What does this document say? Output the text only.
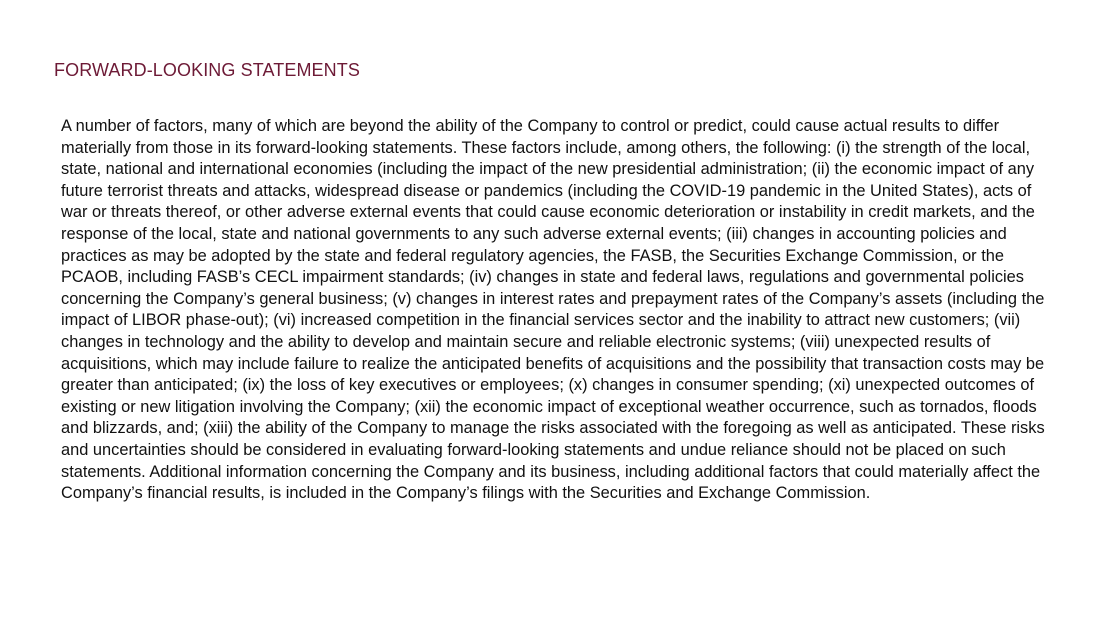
FORWARD-LOOKING STATEMENTS

A number of factors, many of which are beyond the ability of the Company to control or predict, could cause actual results to differ materially from those in its forward-looking statements. These factors include, among others, the following: (i) the strength of the local, state, national and international economies (including the impact of the new presidential administration; (ii) the economic impact of any future terrorist threats and attacks, widespread disease or pandemics (including the COVID-19 pandemic in the United States), acts of war or threats thereof, or other adverse external events that could cause economic deterioration or instability in credit markets, and the response of the local, state and national governments to any such adverse external events; (iii) changes in accounting policies and practices as may be adopted by the state and federal regulatory agencies, the FASB, the Securities Exchange Commission, or the PCAOB, including FASB’s CECL impairment standards; (iv) changes in state and federal laws, regulations and governmental policies concerning the Company’s general business; (v) changes in interest rates and prepayment rates of the Company’s assets (including the impact of LIBOR phase-out); (vi) increased competition in the financial services sector and the inability to attract new customers; (vii) changes in technology and the ability to develop and maintain secure and reliable electronic systems; (viii) unexpected results of acquisitions, which may include failure to realize the anticipated benefits of acquisitions and the possibility that transaction costs may be greater than anticipated; (ix) the loss of key executives or employees; (x) changes in consumer spending; (xi) unexpected outcomes of existing or new litigation involving the Company; (xii) the economic impact of exceptional weather occurrence, such as tornados, floods and blizzards, and; (xiii) the ability of the Company to manage the risks associated with the foregoing as well as anticipated. These risks and uncertainties should be considered in evaluating forward-looking statements and undue reliance should not be placed on such statements. Additional information concerning the Company and its business, including additional factors that could materially affect the Company’s financial results, is included in the Company’s filings with the Securities and Exchange Commission.
